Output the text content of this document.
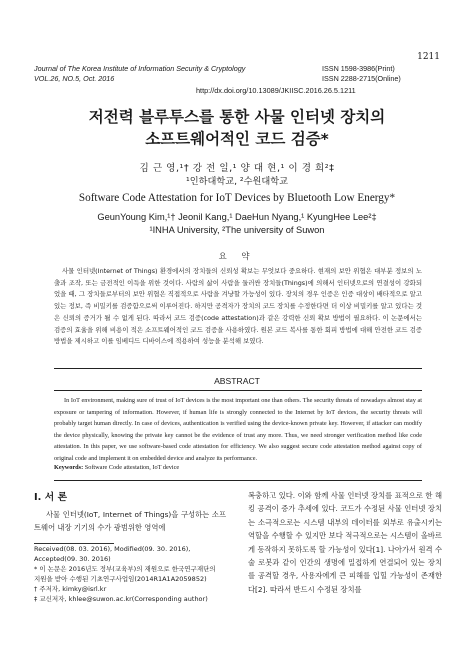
1211
Journal of The Korea Institute of Information Security & Cryptology
VOL.26, NO.5, Oct. 2016
ISSN 1598-3986(Print)
ISSN 2288-2715(Online)
http://dx.doi.org/10.13089/JKIISC.2016.26.5.1211
저전력 블루투스를 통한 사물 인터넷 장치의
소프트웨어적인 코드 검증*
김 근 영,¹† 강 전 일,¹ 양 대 현,¹ 이 경 희²‡
¹인하대학교, ²수원대학교
Software Code Attestation for IoT Devices by Bluetooth Low Energy*
GeunYoung Kim,¹† Jeonil Kang,¹ DaeHun Nyang,¹ KyungHee Lee²‡
¹INHA University, ²The university of Suwon
요 약
사물 인터넷(Internet of Things) 환경에서의 장치들의 신뢰성 확보는 무엇보다 중요하다. 현재의 보안 위협은 대부분 정보의 노출과 조작, 또는 금전적인 이득을 위한 것이다. 사람의 삶이 사람을 둘러싼 장치들(Things)에 의해서 인터넷으로의 연결성이 강화되었을 때, 그 장치들로부터의 보안 위협은 직접적으로 사람을 겨냥할 가능성이 있다. 장치의 경우 인증은 인증 대상이 배타적으로 알고 있는 정보, 즉 비밀키를 검증함으로써 이루어진다. 하지만 공격자가 장치의 코드 장치를 수정한다면 더 이상 비밀키를 알고 있다는 것은 신뢰의 증거가 될 수 없게 된다. 따라서 코드 검증(code attestation)과 같은 강력한 신뢰 확보 방법이 필요하다. 이 논문에서는 검증의 효율을 위해 비용이 적은 소프트웨어적인 코드 검증을 사용하였다. 원본 코드 복사를 통한 회피 방법에 대해 안전한 코드 검증 방법을 제시하고 이를 임베디드 디바이스에 적용하여 성능을 분석해 보였다.
ABSTRACT
In IoT environment, making sure of trust of IoT devices is the most important one than others. The security threats of nowadays almost stay at exposure or tampering of information. However, if human life is strongly connected to the Internet by IoT devices, the security threats will probably target human directly. In case of devices, authentication is verified using the device-known private key. However, if attacker can modify the device physically, knowing the private key cannot be the evidence of trust any more. Thus, we need stronger verification method like code attestation. In this paper, we use software-based code attestation for efficiency. We also suggest secure code attestation method against copy of original code and implement it on embedded device and analyze its performance.
Keywords: Software Code attestation, IoT device
I. 서 론
사물 인터넷(IoT, Internet of Things)을 구성하는 소프트웨어 내장 기기의 수가 광범위한 영역에
Received(08. 03. 2016), Modified(09. 30. 2016),
Accepted(09. 30. 2016)
* 이 논문은 2016년도 정부(교육부)의 재원으로 한국연구재단의
지원을 받아 수행된 기초연구사업임(2014R1A1A2059852)
† 주저자, kimky@isrl.kr
‡ 교신저자, khlee@suwon.ac.kr(Corresponding author)
복충하고 있다. 이와 함께 사물 인터넷 장치를 표적으로 한 해킹 공격이 증가 추세에 있다. 코드가 수정된 사물 인터넷 장치는 소극적으로는 시스템 내부의 데이터를 외부로 유출시키는 역할을 수행할 수 있지만 보다 적극적으로는 시스템이 올바르게 동작하지 못하도록 할 가능성이 있다[1]. 나아가서 원격 수술 로봇과 같이 인간의 생명에 밀접하게 연결되어 있는 장치를 공격할 경우, 사용자에게 큰 피해를 입힐 가능성이 존재한다[2]. 따라서 반드시 수정된 장치를
